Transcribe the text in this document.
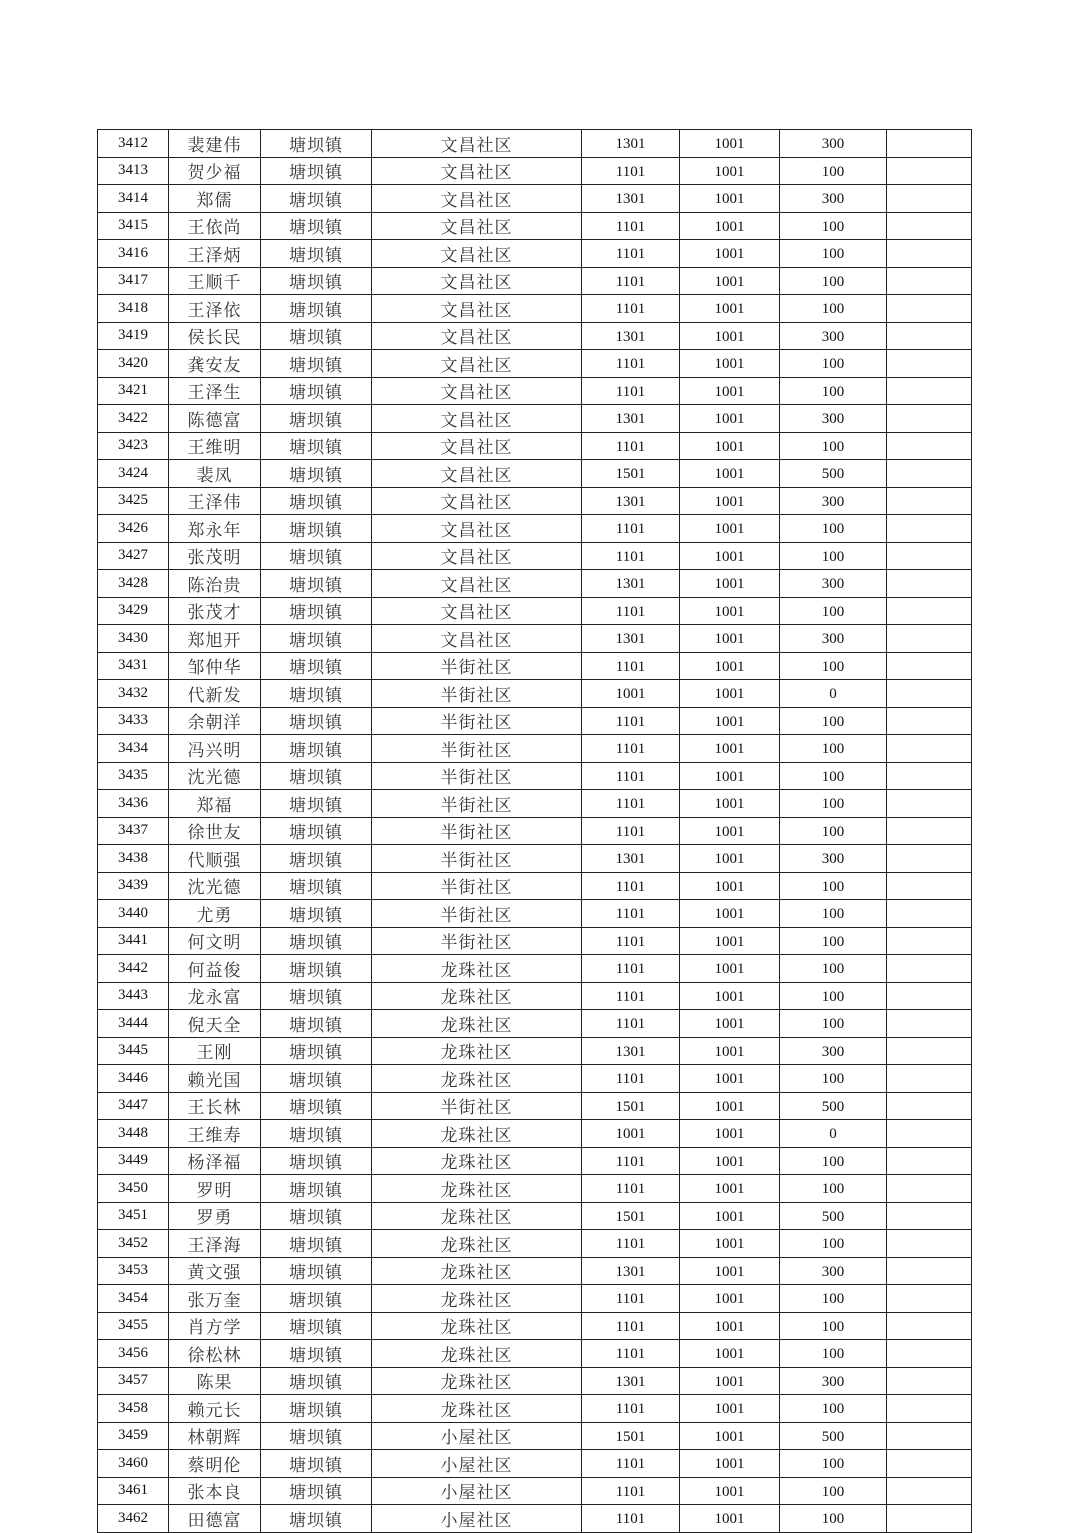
3412	裴建伟	塘坝镇	文昌社区	1301	1001	300	
3413	贺少福	塘坝镇	文昌社区	1101	1001	100	
3414	郑儒	塘坝镇	文昌社区	1301	1001	300	
3415	王依尚	塘坝镇	文昌社区	1101	1001	100	
3416	王泽炳	塘坝镇	文昌社区	1101	1001	100	
3417	王顺千	塘坝镇	文昌社区	1101	1001	100	
3418	王泽依	塘坝镇	文昌社区	1101	1001	100	
3419	侯长民	塘坝镇	文昌社区	1301	1001	300	
3420	龚安友	塘坝镇	文昌社区	1101	1001	100	
3421	王泽生	塘坝镇	文昌社区	1101	1001	100	
3422	陈德富	塘坝镇	文昌社区	1301	1001	300	
3423	王维明	塘坝镇	文昌社区	1101	1001	100	
3424	裴凤	塘坝镇	文昌社区	1501	1001	500	
3425	王泽伟	塘坝镇	文昌社区	1301	1001	300	
3426	郑永年	塘坝镇	文昌社区	1101	1001	100	
3427	张茂明	塘坝镇	文昌社区	1101	1001	100	
3428	陈治贵	塘坝镇	文昌社区	1301	1001	300	
3429	张茂才	塘坝镇	文昌社区	1101	1001	100	
3430	郑旭开	塘坝镇	文昌社区	1301	1001	300	
3431	邹仲华	塘坝镇	半街社区	1101	1001	100	
3432	代新发	塘坝镇	半街社区	1001	1001	0	
3433	余朝洋	塘坝镇	半街社区	1101	1001	100	
3434	冯兴明	塘坝镇	半街社区	1101	1001	100	
3435	沈光德	塘坝镇	半街社区	1101	1001	100	
3436	郑福	塘坝镇	半街社区	1101	1001	100	
3437	徐世友	塘坝镇	半街社区	1101	1001	100	
3438	代顺强	塘坝镇	半街社区	1301	1001	300	
3439	沈光德	塘坝镇	半街社区	1101	1001	100	
3440	尤勇	塘坝镇	半街社区	1101	1001	100	
3441	何文明	塘坝镇	半街社区	1101	1001	100	
3442	何益俊	塘坝镇	龙珠社区	1101	1001	100	
3443	龙永富	塘坝镇	龙珠社区	1101	1001	100	
3444	倪天全	塘坝镇	龙珠社区	1101	1001	100	
3445	王刚	塘坝镇	龙珠社区	1301	1001	300	
3446	赖光国	塘坝镇	龙珠社区	1101	1001	100	
3447	王长林	塘坝镇	半街社区	1501	1001	500	
3448	王维寿	塘坝镇	龙珠社区	1001	1001	0	
3449	杨泽福	塘坝镇	龙珠社区	1101	1001	100	
3450	罗明	塘坝镇	龙珠社区	1101	1001	100	
3451	罗勇	塘坝镇	龙珠社区	1501	1001	500	
3452	王泽海	塘坝镇	龙珠社区	1101	1001	100	
3453	黄文强	塘坝镇	龙珠社区	1301	1001	300	
3454	张万奎	塘坝镇	龙珠社区	1101	1001	100	
3455	肖方学	塘坝镇	龙珠社区	1101	1001	100	
3456	徐松林	塘坝镇	龙珠社区	1101	1001	100	
3457	陈果	塘坝镇	龙珠社区	1301	1001	300	
3458	赖元长	塘坝镇	龙珠社区	1101	1001	100	
3459	林朝辉	塘坝镇	小屋社区	1501	1001	500	
3460	蔡明伦	塘坝镇	小屋社区	1101	1001	100	
3461	张本良	塘坝镇	小屋社区	1101	1001	100	
3462	田德富	塘坝镇	小屋社区	1101	1001	100	
